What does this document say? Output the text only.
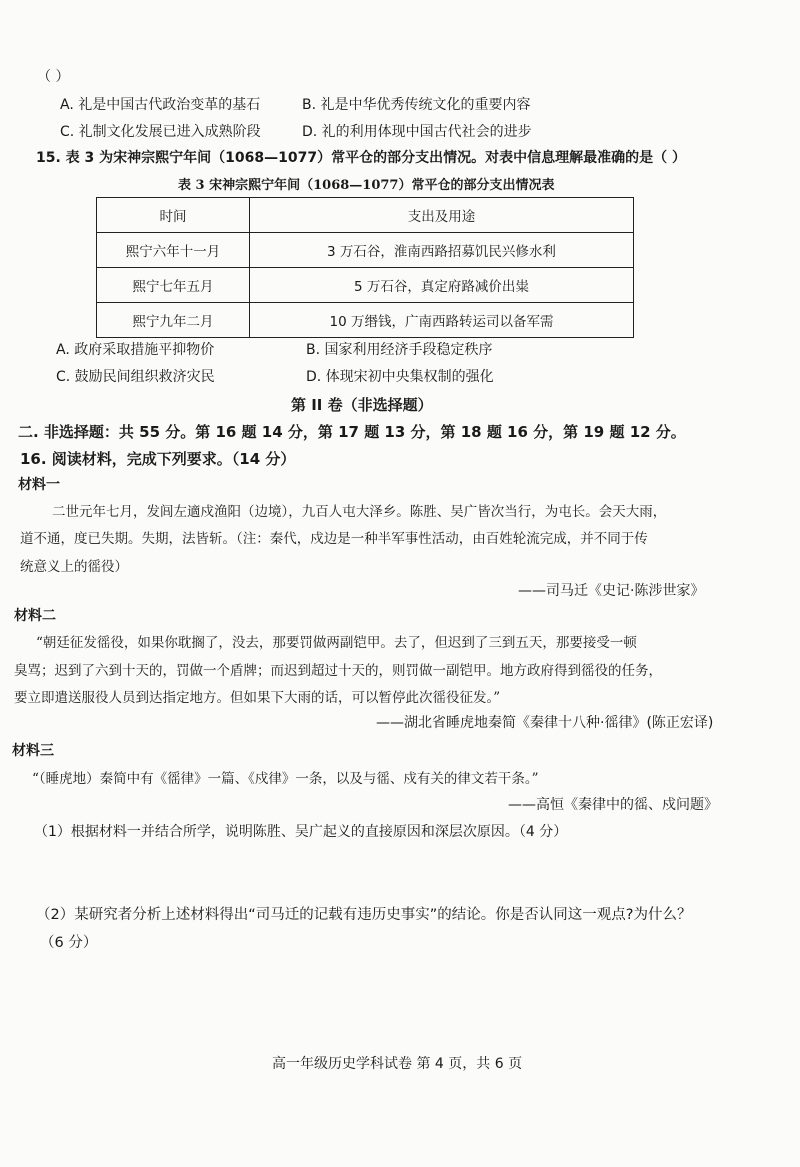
（ ）
A. 礼是中国古代政治变革的基石	B. 礼是中华优秀传统文化的重要内容
C. 礼制文化发展已进入成熟阶段	D. 礼的利用体现中国古代社会的进步
15. 表 3 为宋神宗熙宁年间（1068—1077）常平仓的部分支出情况。对表中信息理解最准确的是（ ）
表 3 宋神宗熙宁年间（1068—1077）常平仓的部分支出情况表
时间	支出及用途
熙宁六年十一月	3 万石谷，淮南西路招募饥民兴修水利
熙宁七年五月	5 万石谷，真定府路减价出粜
熙宁九年二月	10 万缗钱，广南西路转运司以备军需
A. 政府采取措施平抑物价	B. 国家利用经济手段稳定秩序
C. 鼓励民间组织救济灾民	D. 体现宋初中央集权制的强化
第 II 卷（非选择题）
二. 非选择题：共 55 分。第 16 题 14 分，第 17 题 13 分，第 18 题 16 分，第 19 题 12 分。
16. 阅读材料，完成下列要求。（14 分）
材料一
二世元年七月，发闾左適戍渔阳（边境），九百人屯大泽乡。陈胜、吴广皆次当行，为屯长。会天大雨，
道不通，度已失期。失期，法皆斩。（注：秦代，戍边是一种半军事性活动，由百姓轮流完成，并不同于传
统意义上的徭役）
——司马迁《史记·陈涉世家》
材料二
“朝廷征发徭役，如果你耽搁了，没去，那要罚做两副铠甲。去了，但迟到了三到五天，那要接受一顿
臭骂；迟到了六到十天的，罚做一个盾牌；而迟到超过十天的，则罚做一副铠甲。地方政府得到徭役的任务，
要立即遣送服役人员到达指定地方。但如果下大雨的话，可以暂停此次徭役征发。”
——湖北省睡虎地秦简《秦律十八种·徭律》(陈正宏译)
材料三
“（睡虎地）秦简中有《徭律》一篇、《戍律》一条，以及与徭、戍有关的律文若干条。”
——高恒《秦律中的徭、戍问题》
（1）根据材料一并结合所学，说明陈胜、吴广起义的直接原因和深层次原因。（4 分）
（2）某研究者分析上述材料得出“司马迁的记载有违历史事实”的结论。你是否认同这一观点?为什么？
（6 分）
高一年级历史学科试卷 第 4 页，共 6 页
